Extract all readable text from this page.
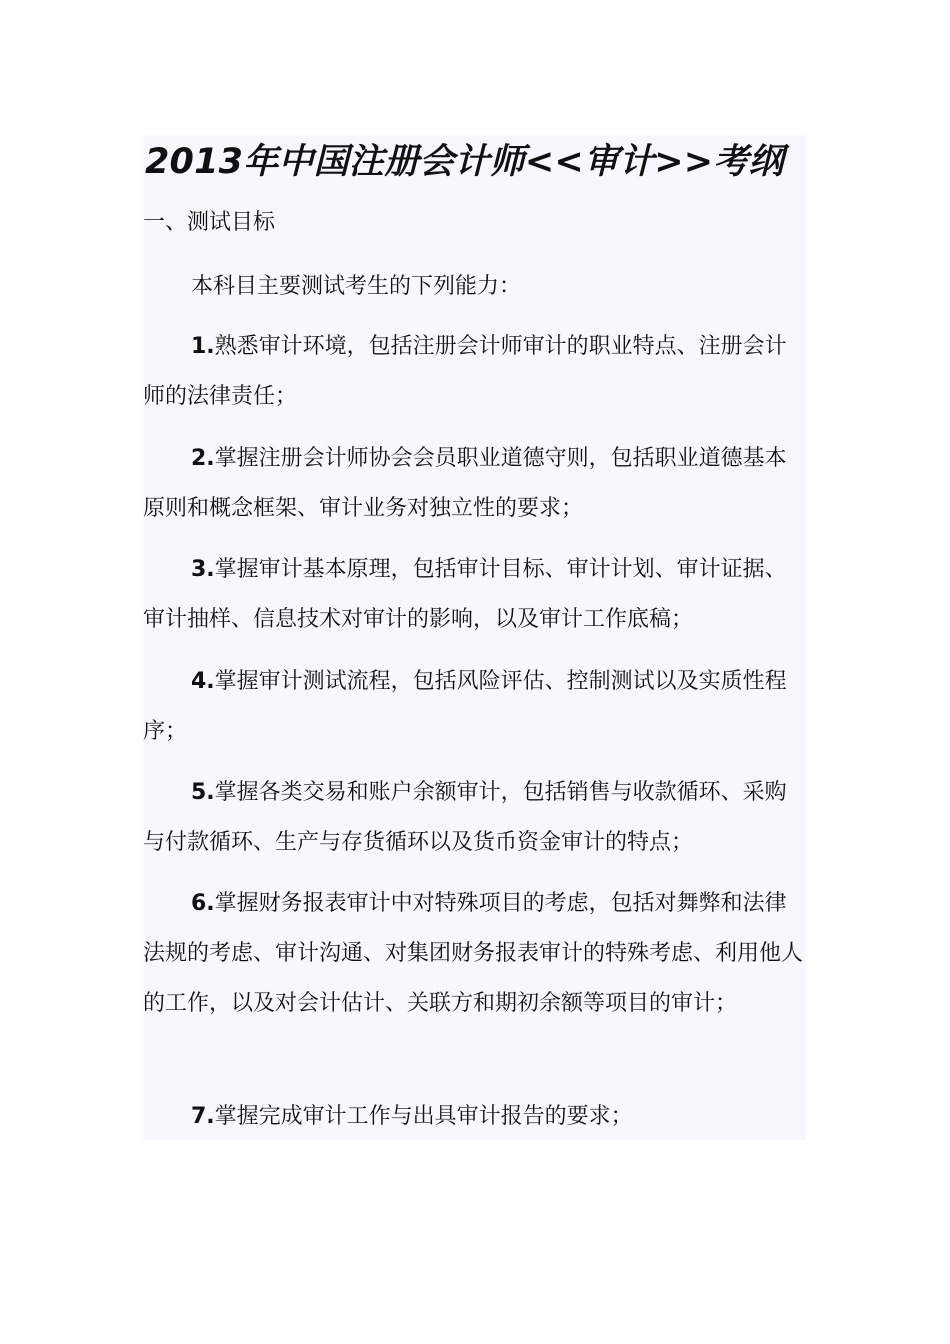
2013年中国注册会计师<<审计>>考纲
一、测试目标

本科目主要测试考生的下列能力：

1.熟悉审计环境，包括注册会计师审计的职业特点、注册会计师的法律责任；

2.掌握注册会计师协会会员职业道德守则，包括职业道德基本原则和概念框架、审计业务对独立性的要求；

3.掌握审计基本原理，包括审计目标、审计计划、审计证据、审计抽样、信息技术对审计的影响，以及审计工作底稿；

4.掌握审计测试流程，包括风险评估、控制测试以及实质性程序；

5.掌握各类交易和账户余额审计，包括销售与收款循环、采购与付款循环、生产与存货循环以及货币资金审计的特点；

6.掌握财务报表审计中对特殊项目的考虑，包括对舞弊和法律法规的考虑、审计沟通、对集团财务报表审计的特殊考虑、利用他人的工作，以及对会计估计、关联方和期初余额等项目的审计；

7.掌握完成审计工作与出具审计报告的要求；
